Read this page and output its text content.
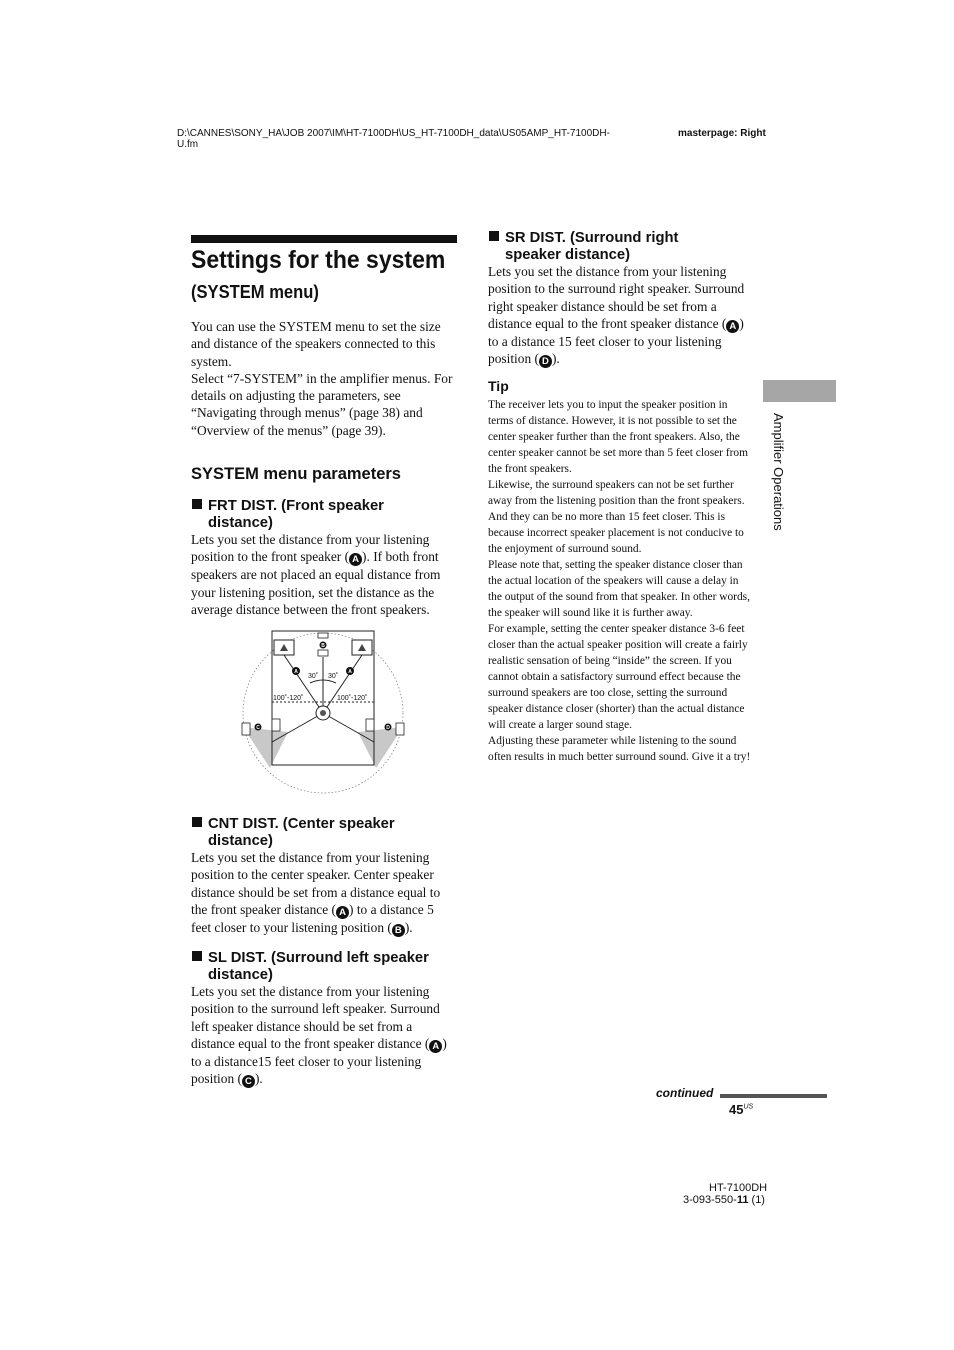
D:\CANNES\SONY_HA\JOB 2007\IM\HT-7100DH\US_HT-7100DH_data\US05AMP_HT-7100DH-
U.fm
masterpage: Right
Settings for the system
(SYSTEM menu)
You can use the SYSTEM menu to set the size and distance of the speakers connected to this system.
Select “7-SYSTEM” in the amplifier menus. For details on adjusting the parameters, see “Navigating through menus” (page 38) and “Overview of the menus” (page 39).
SYSTEM menu parameters
FRT DIST. (Front speaker
distance)
Lets you set the distance from your listening position to the front speaker ( A ). If both front speakers are not placed an equal distance from your listening position, set the distance as the average distance between the front speakers.
30˚ 30˚
100˚-120˚	100˚-120˚
A	A
B
C	D
CNT DIST. (Center speaker
distance)
Lets you set the distance from your listening position to the center speaker. Center speaker distance should be set from a distance equal to the front speaker distance ( A ) to a distance 5 feet closer to your listening position ( B ).
SL DIST. (Surround left speaker
distance)
Lets you set the distance from your listening position to the surround left speaker. Surround left speaker distance should be set from a distance equal to the front speaker distance ( A ) to a distance15 feet closer to your listening position ( C ).
SR DIST. (Surround right
speaker distance)
Lets you set the distance from your listening position to the surround right speaker. Surround right speaker distance should be set from a distance equal to the front speaker distance ( A ) to a distance 15 feet closer to your listening position ( D ).
Tip
The receiver lets you to input the speaker position in terms of distance. However, it is not possible to set the center speaker further than the front speakers. Also, the center speaker cannot be set more than 5 feet closer from the front speakers.
Likewise, the surround speakers can not be set further away from the listening position than the front speakers. And they can be no more than 15 feet closer. This is because incorrect speaker placement is not conducive to the enjoyment of surround sound.
Please note that, setting the speaker distance closer than the actual location of the speakers will cause a delay in the output of the sound from that speaker. In other words, the speaker will sound like it is further away.
For example, setting the center speaker distance 3-6 feet closer than the actual speaker position will create a fairly realistic sensation of being “inside” the screen. If you cannot obtain a satisfactory surround effect because the surround speakers are too close, setting the surround speaker distance closer (shorter) than the actual distance will create a larger sound stage.
Adjusting these parameter while listening to the sound often results in much better surround sound. Give it a try!
Amplifier Operations
continued
$45^{US}$
HT-7100DH
3-093-550-11 (1)
